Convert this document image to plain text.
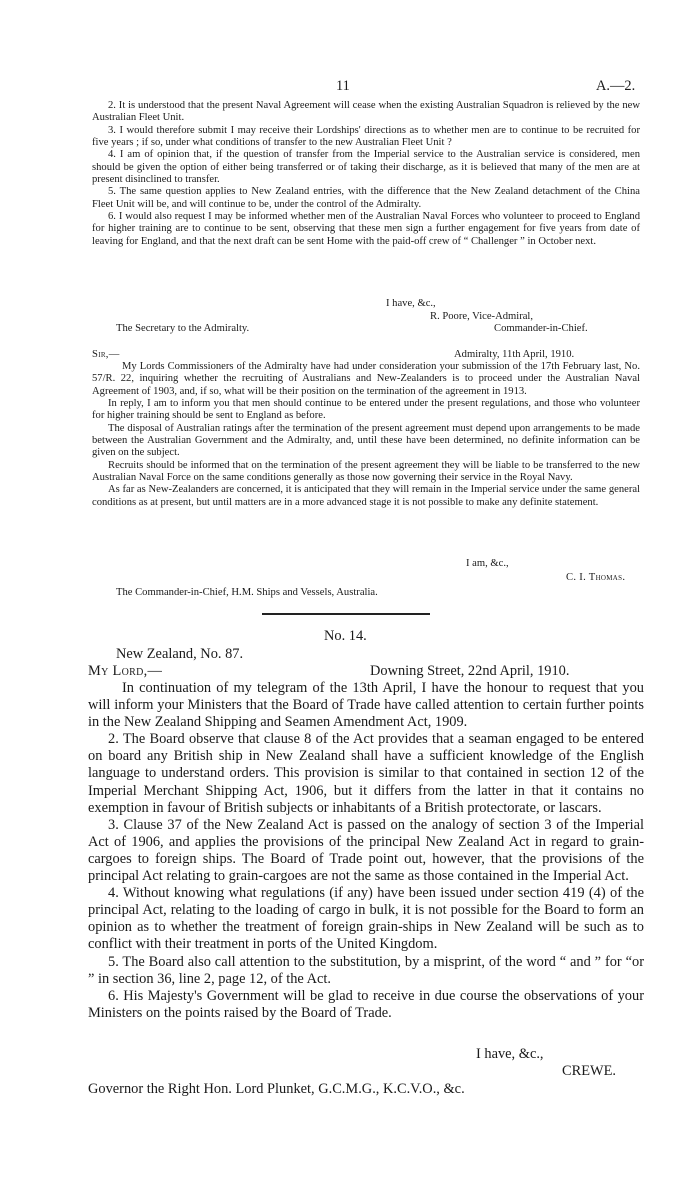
11	A.—2.

2. It is understood that the present Naval Agreement will cease when the existing Australian Squadron is relieved by the new Australian Fleet Unit.

3. I would therefore submit I may receive their Lordships' directions as to whether men are to continue to be recruited for five years ; if so, under what conditions of transfer to the new Australian Fleet Unit ?

4. I am of opinion that, if the question of transfer from the Imperial service to the Australian service is considered, men should be given the option of either being transferred or of taking their discharge, as it is believed that many of the men are at present disinclined to transfer.

5. The same question applies to New Zealand entries, with the difference that the New Zealand detachment of the China Fleet Unit will be, and will continue to be, under the control of the Admiralty.

6. I would also request I may be informed whether men of the Australian Naval Forces who volunteer to proceed to England for higher training are to continue to be sent, observing that these men sign a further engagement for five years from date of leaving for England, and that the next draft can be sent Home with the paid-off crew of “ Challenger ” in October next.

I have, &c.,
R. Poore, Vice-Admiral,
Commander-in-Chief.
The Secretary to the Admiralty.
Sir,—	Admiralty, 11th April, 1910.

My Lords Commissioners of the Admiralty have had under consideration your submission of the 17th February last, No. 57/R. 22, inquiring whether the recruiting of Australians and New-Zealanders is to proceed under the Australian Naval Agreement of 1903, and, if so, what will be their position on the termination of the agreement in 1913.

In reply, I am to inform you that men should continue to be entered under the present regulations, and those who volunteer for higher training should be sent to England as before.

The disposal of Australian ratings after the termination of the present agreement must depend upon arrangements to be made between the Australian Government and the Admiralty, and, until these have been determined, no definite information can be given on the subject.

Recruits should be informed that on the termination of the present agreement they will be liable to be transferred to the new Australian Naval Force on the same conditions generally as those now governing their service in the Royal Navy.

As far as New-Zealanders are concerned, it is anticipated that they will remain in the Imperial service under the same general conditions as at present, but until matters are in a more advanced stage it is not possible to make any definite statement.

I am, &c.,
C. I. Thomas.
The Commander-in-Chief, H.M. Ships and Vessels, Australia.
No. 14.
New Zealand, No. 87.
My Lord,—	Downing Street, 22nd April, 1910.

In continuation of my telegram of the 13th April, I have the honour to request that you will inform your Ministers that the Board of Trade have called attention to certain further points in the New Zealand Shipping and Seamen Amendment Act, 1909.

2. The Board observe that clause 8 of the Act provides that a seaman engaged to be entered on board any British ship in New Zealand shall have a sufficient knowledge of the English language to understand orders. This provision is similar to that contained in section 12 of the Imperial Merchant Shipping Act, 1906, but it differs from the latter in that it contains no exemption in favour of British subjects or inhabitants of a British protectorate, or lascars.

3. Clause 37 of the New Zealand Act is passed on the analogy of section 3 of the Imperial Act of 1906, and applies the provisions of the principal New Zealand Act in regard to grain-cargoes to foreign ships. The Board of Trade point out, however, that the provisions of the principal Act relating to grain-cargoes are not the same as those contained in the Imperial Act.

4. Without knowing what regulations (if any) have been issued under section 419 (4) of the principal Act, relating to the loading of cargo in bulk, it is not possible for the Board to form an opinion as to whether the treatment of foreign grain-ships in New Zealand will be such as to conflict with their treatment in ports of the United Kingdom.

5. The Board also call attention to the substitution, by a misprint, of the word “ and ” for “or ” in section 36, line 2, page 12, of the Act.

6. His Majesty's Government will be glad to receive in due course the observations of your Ministers on the points raised by the Board of Trade.

I have, &c.,
CREWE.
Governor the Right Hon. Lord Plunket, G.C.M.G., K.C.V.O., &c.
